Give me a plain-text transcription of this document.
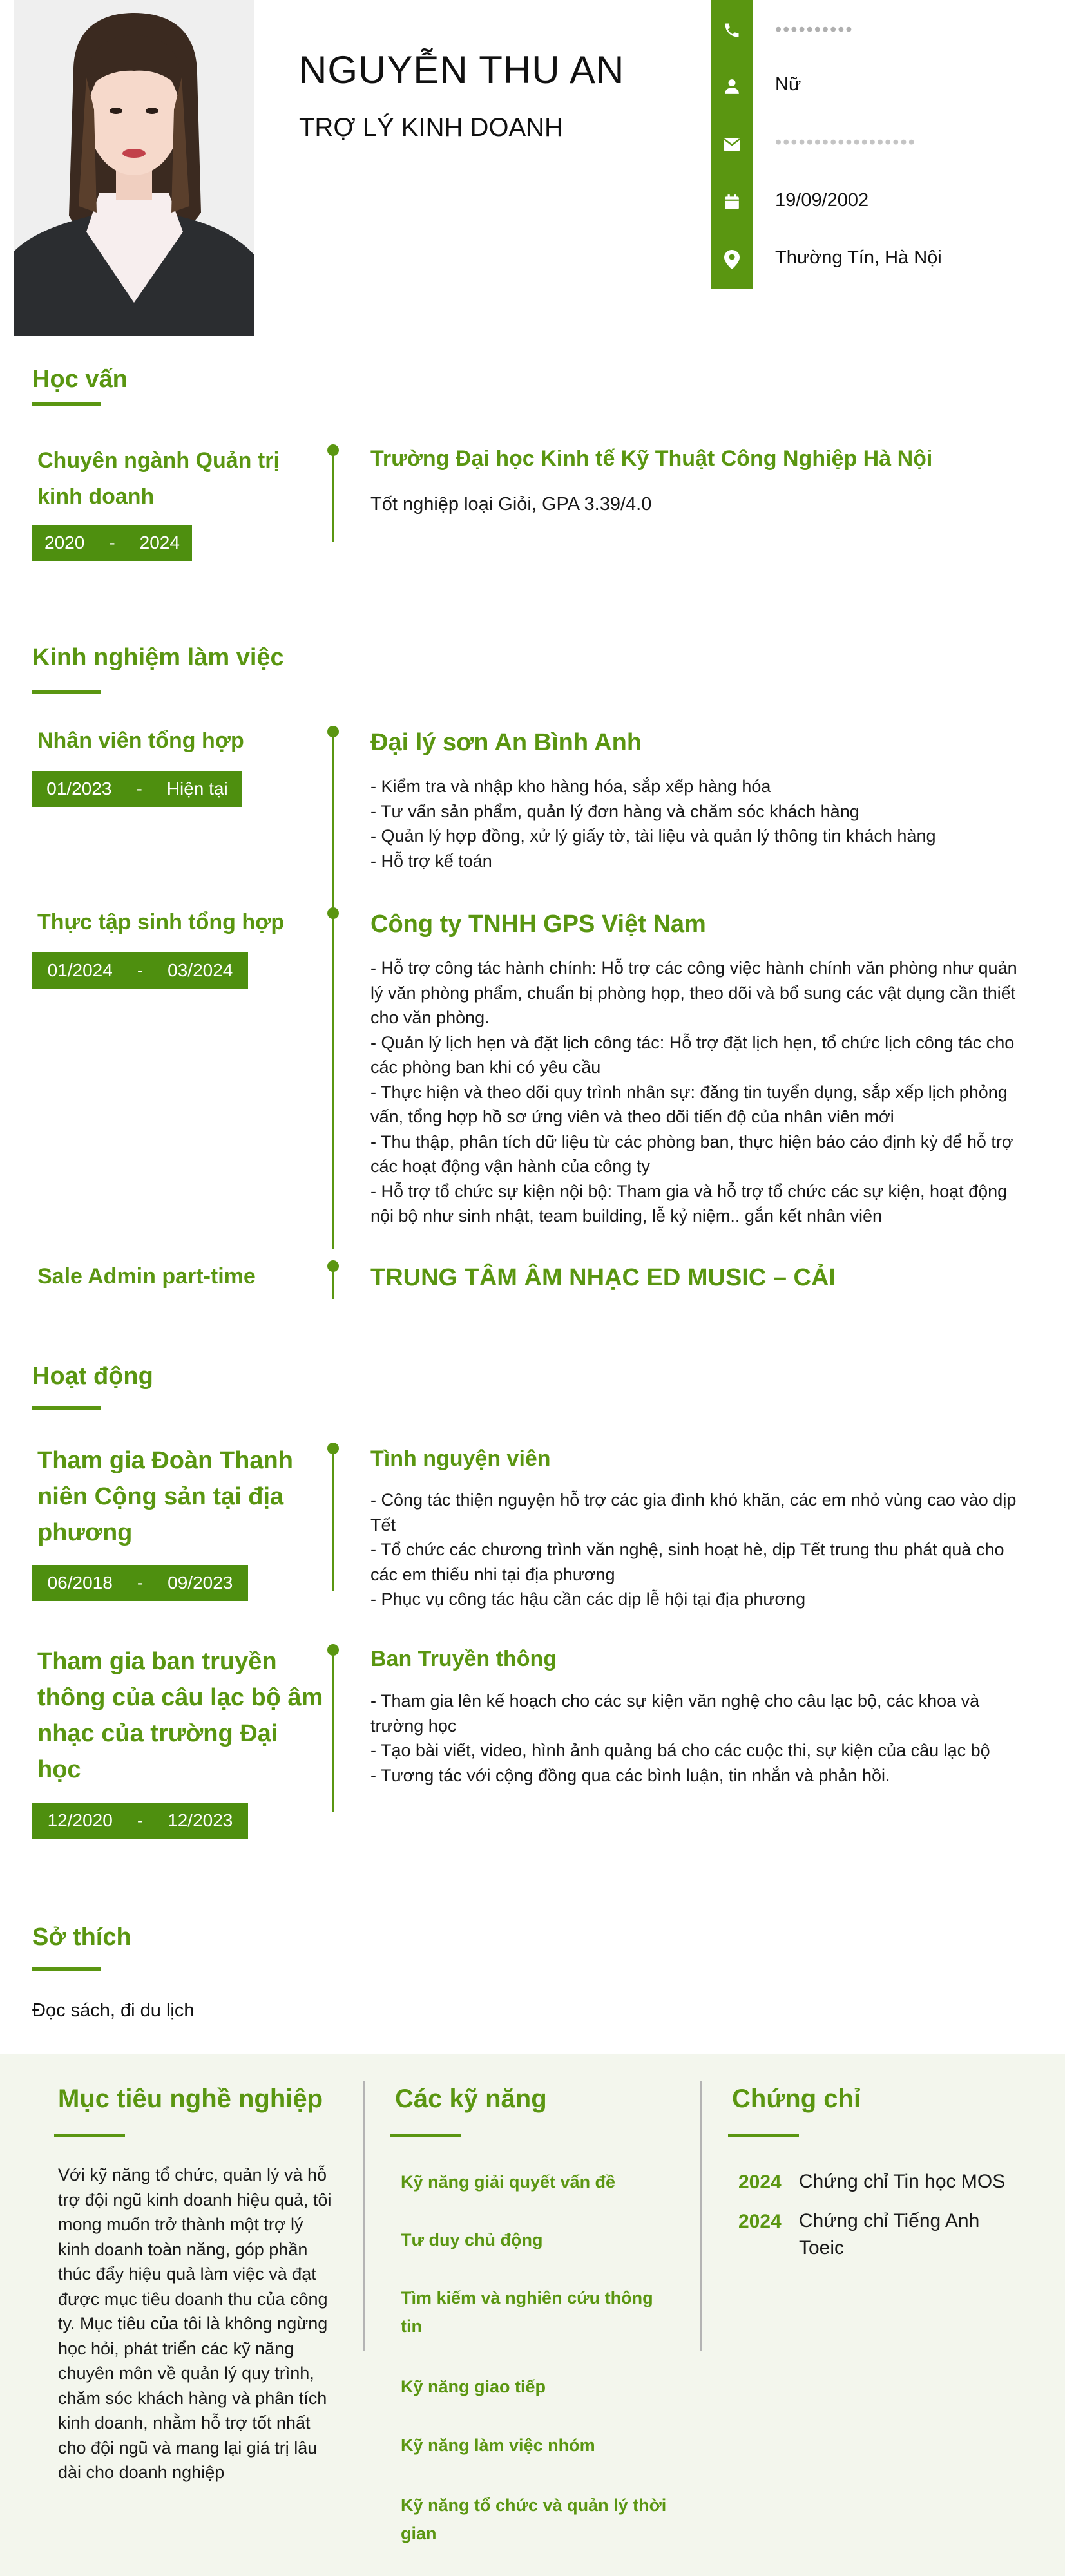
NGUYỄN THU AN
TRỢ LÝ KINH DOANH
••••••••••
Nữ
••••••••••••••••••
19/09/2002
Thường Tín, Hà Nội
Học vấn
Chuyên ngành Quản trị kinh doanh
2020 - 2024
Trường Đại học Kinh tế Kỹ Thuật Công Nghiệp Hà Nội
Tốt nghiệp loại Giỏi, GPA 3.39/4.0
Kinh nghiệm làm việc
Nhân viên tổng hợp
01/2023 - Hiện tại
Đại lý sơn An Bình Anh
- Kiểm tra và nhập kho hàng hóa, sắp xếp hàng hóa
- Tư vấn sản phẩm, quản lý đơn hàng và chăm sóc khách hàng
- Quản lý hợp đồng, xử lý giấy tờ, tài liệu và quản lý thông tin khách hàng
- Hỗ trợ kế toán
Thực tập sinh tổng hợp
01/2024 - 03/2024
Công ty TNHH GPS Việt Nam
- Hỗ trợ công tác hành chính: Hỗ trợ các công việc hành chính văn phòng như quản lý văn phòng phẩm, chuẩn bị phòng họp, theo dõi và bổ sung các vật dụng cần thiết cho văn phòng.
- Quản lý lịch hẹn và đặt lịch công tác: Hỗ trợ đặt lịch hẹn, tổ chức lịch công tác cho các phòng ban khi có yêu cầu
- Thực hiện và theo dõi quy trình nhân sự: đăng tin tuyển dụng, sắp xếp lịch phỏng vấn, tổng hợp hồ sơ ứng viên và theo dõi tiến độ của nhân viên mới
- Thu thập, phân tích dữ liệu từ các phòng ban, thực hiện báo cáo định kỳ để hỗ trợ các hoạt động vận hành của công ty
- Hỗ trợ tổ chức sự kiện nội bộ: Tham gia và hỗ trợ tổ chức các sự kiện, hoạt động nội bộ như sinh nhật, team building, lễ kỷ niệm.. gắn kết nhân viên
Sale Admin part-time	TRUNG TÂM ÂM NHẠC ED MUSIC – CẢI
Hoạt động
Tham gia Đoàn Thanh niên Cộng sản tại địa phương
06/2018 - 09/2023
Tình nguyện viên
- Công tác thiện nguyện hỗ trợ các gia đình khó khăn, các em nhỏ vùng cao vào dịp Tết
- Tổ chức các chương trình văn nghệ, sinh hoạt hè, dịp Tết trung thu phát quà cho các em thiếu nhi tại địa phương
- Phục vụ công tác hậu cần các dịp lễ hội tại địa phương
Tham gia ban truyền thông của câu lạc bộ âm nhạc của trường Đại học
12/2020 - 12/2023
Ban Truyền thông
- Tham gia lên kế hoạch cho các sự kiện văn nghệ cho câu lạc bộ, các khoa và trường học
- Tạo bài viết, video, hình ảnh quảng bá cho các cuộc thi, sự kiện của câu lạc bộ
- Tương tác với cộng đồng qua các bình luận, tin nhắn và phản hồi.
Sở thích
Đọc sách, đi du lịch
Mục tiêu nghề nghiệp
Với kỹ năng tổ chức, quản lý và hỗ trợ đội ngũ kinh doanh hiệu quả, tôi mong muốn trở thành một trợ lý kinh doanh toàn năng, góp phần thúc đẩy hiệu quả làm việc và đạt được mục tiêu doanh thu của công ty. Mục tiêu của tôi là không ngừng học hỏi, phát triển các kỹ năng chuyên môn về quản lý quy trình, chăm sóc khách hàng và phân tích kinh doanh, nhằm hỗ trợ tốt nhất cho đội ngũ và mang lại giá trị lâu dài cho doanh nghiệp
Các kỹ năng
Kỹ năng giải quyết vấn đề
Tư duy chủ động
Tìm kiếm và nghiên cứu thông tin
Kỹ năng giao tiếp
Kỹ năng làm việc nhóm
Kỹ năng tổ chức và quản lý thời gian
Chứng chỉ
2024 Chứng chỉ Tin học MOS
2024 Chứng chỉ Tiếng Anh Toeic
